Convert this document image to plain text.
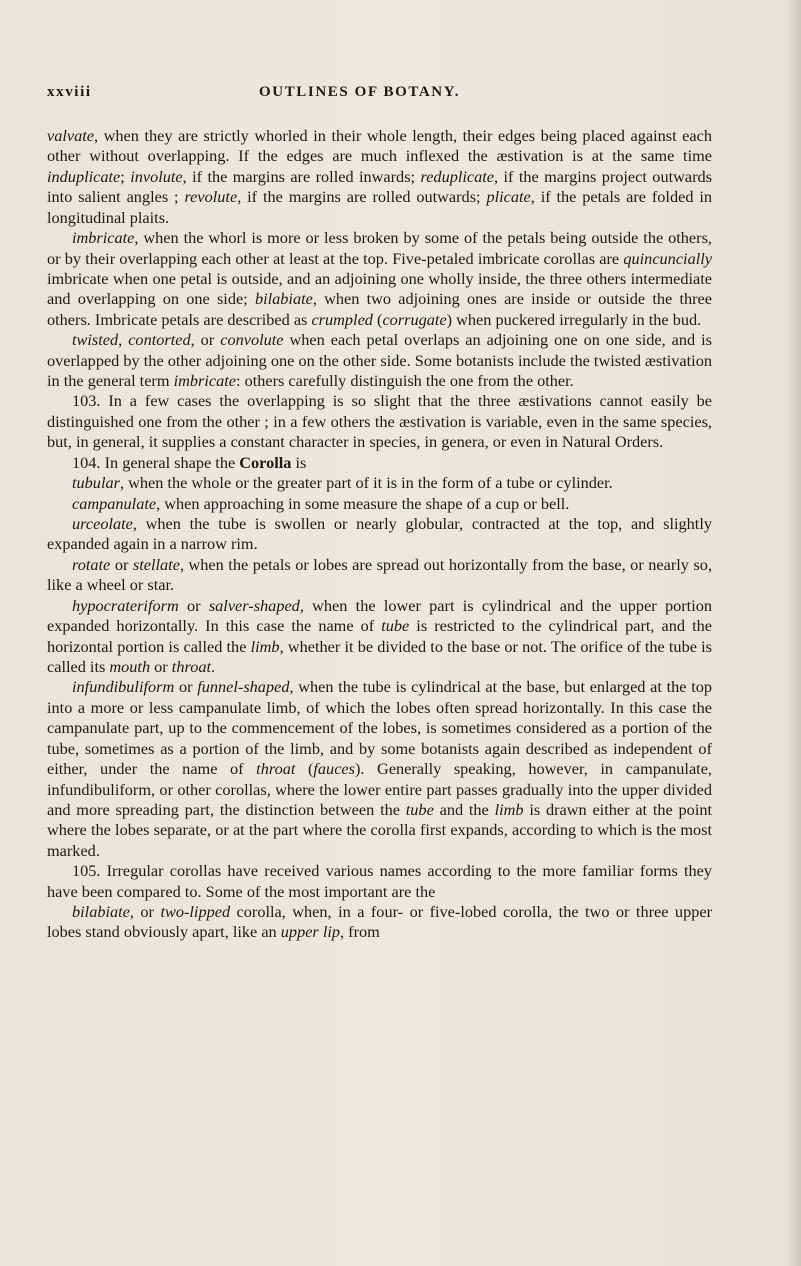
xxviii	OUTLINES OF BOTANY.

valvate, when they are strictly whorled in their whole length, their edges being placed against each other without overlapping. If the edges are much inflexed the æstivation is at the same time induplicate; involute, if the margins are rolled inwards; reduplicate, if the margins project outwards into salient angles ; revolute, if the margins are rolled outwards; plicate, if the petals are folded in longitudinal plaits.

imbricate, when the whorl is more or less broken by some of the petals being outside the others, or by their overlapping each other at least at the top. Five-petaled imbricate corollas are quincuncially imbricate when one petal is outside, and an adjoining one wholly inside, the three others intermediate and overlapping on one side; bilabiate, when two adjoining ones are inside or outside the three others. Imbricate petals are described as crumpled (corrugate) when puckered irregularly in the bud.

twisted, contorted, or convolute when each petal overlaps an adjoining one on one side, and is overlapped by the other adjoining one on the other side. Some botanists include the twisted æstivation in the general term imbricate: others carefully distinguish the one from the other.

103. In a few cases the overlapping is so slight that the three æstivations cannot easily be distinguished one from the other ; in a few others the æstivation is variable, even in the same species, but, in general, it supplies a constant character in species, in genera, or even in Natural Orders.

104. In general shape the Corolla is

tubular, when the whole or the greater part of it is in the form of a tube or cylinder.

campanulate, when approaching in some measure the shape of a cup or bell.

urceolate, when the tube is swollen or nearly globular, contracted at the top, and slightly expanded again in a narrow rim.

rotate or stellate, when the petals or lobes are spread out horizontally from the base, or nearly so, like a wheel or star.

hypocrateriform or salver-shaped, when the lower part is cylindrical and the upper portion expanded horizontally. In this case the name of tube is restricted to the cylindrical part, and the horizontal portion is called the limb, whether it be divided to the base or not. The orifice of the tube is called its mouth or throat.

infundibuliform or funnel-shaped, when the tube is cylindrical at the base, but enlarged at the top into a more or less campanulate limb, of which the lobes often spread horizontally. In this case the campanulate part, up to the commencement of the lobes, is sometimes considered as a portion of the tube, sometimes as a portion of the limb, and by some botanists again described as independent of either, under the name of throat (fauces). Generally speaking, however, in campanulate, infundibuliform, or other corollas, where the lower entire part passes gradually into the upper divided and more spreading part, the distinction between the tube and the limb is drawn either at the point where the lobes separate, or at the part where the corolla first expands, according to which is the most marked.

105. Irregular corollas have received various names according to the more familiar forms they have been compared to. Some of the most important are the

bilabiate, or two-lipped corolla, when, in a four- or five-lobed corolla, the two or three upper lobes stand obviously apart, like an upper lip, from
